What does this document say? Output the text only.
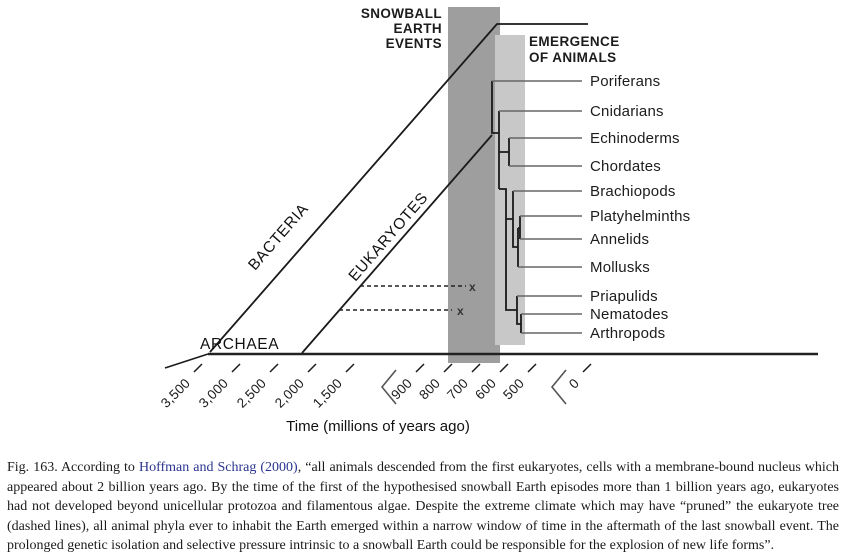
SNOWBALL
EARTH
EVENTS	EMERGENCE
OF ANIMALS
x
x
BACTERIA EUKARYOTES
ARCHAEA
Poriferans
Cnidarians
Echinoderms
Chordates
Brachiopods
Platyhelminths
Annelids
Mollusks
Priapulids
Nematodes
Arthropods
3,500 3,000 2,500 2,000 1,500	900 800 700 600 500	0
Time (millions of years ago)
Fig. 163. According to Hoffman and Schrag (2000), “all animals descended from the first eukaryotes, cells with a membrane-bound nucleus which appeared about 2 billion years ago. By the time of the first of the hypothesised snowball Earth episodes more than 1 billion years ago, eukaryotes had not developed beyond unicellular protozoa and filamentous algae. Despite the extreme climate which may have “pruned” the eukaryote tree (dashed lines), all animal phyla ever to inhabit the Earth emerged within a narrow window of time in the aftermath of the last snowball event. The prolonged genetic isolation and selective pressure intrinsic to a snowball Earth could be responsible for the explosion of new life forms”.
